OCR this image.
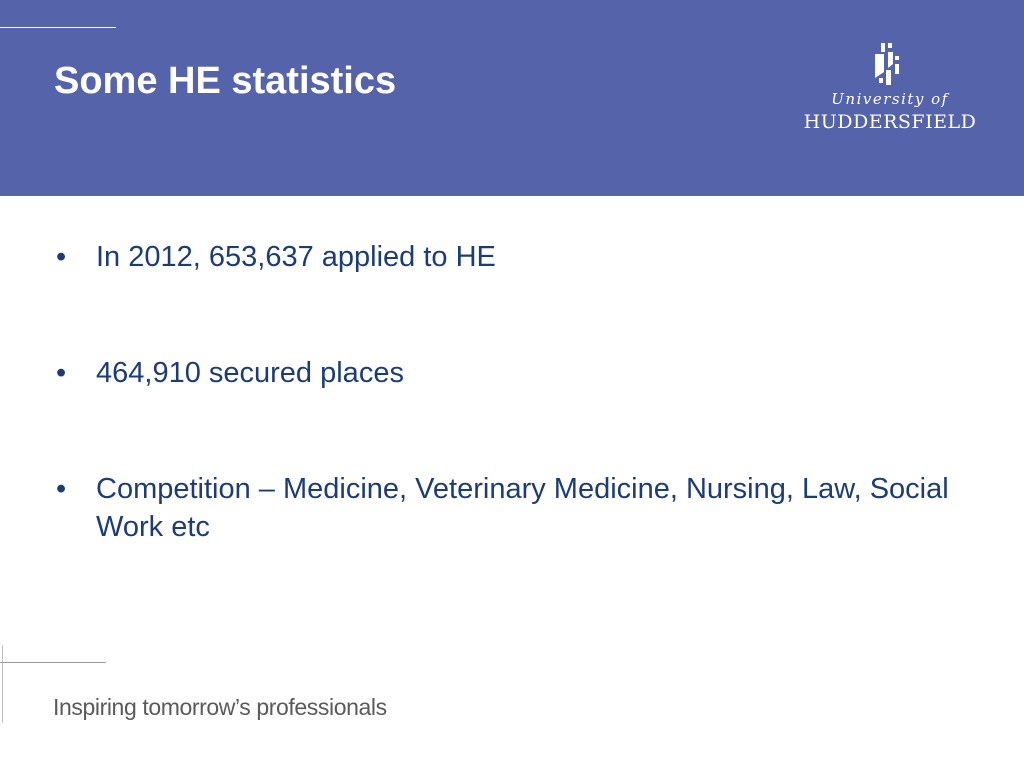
Some HE statistics	University of
HUDDERSFIELD
•	In 2012, 653,637 applied to HE
•	464,910 secured places
•	Competition – Medicine, Veterinary Medicine, Nursing, Law, Social Work etc
Inspiring tomorrow’s professionals
